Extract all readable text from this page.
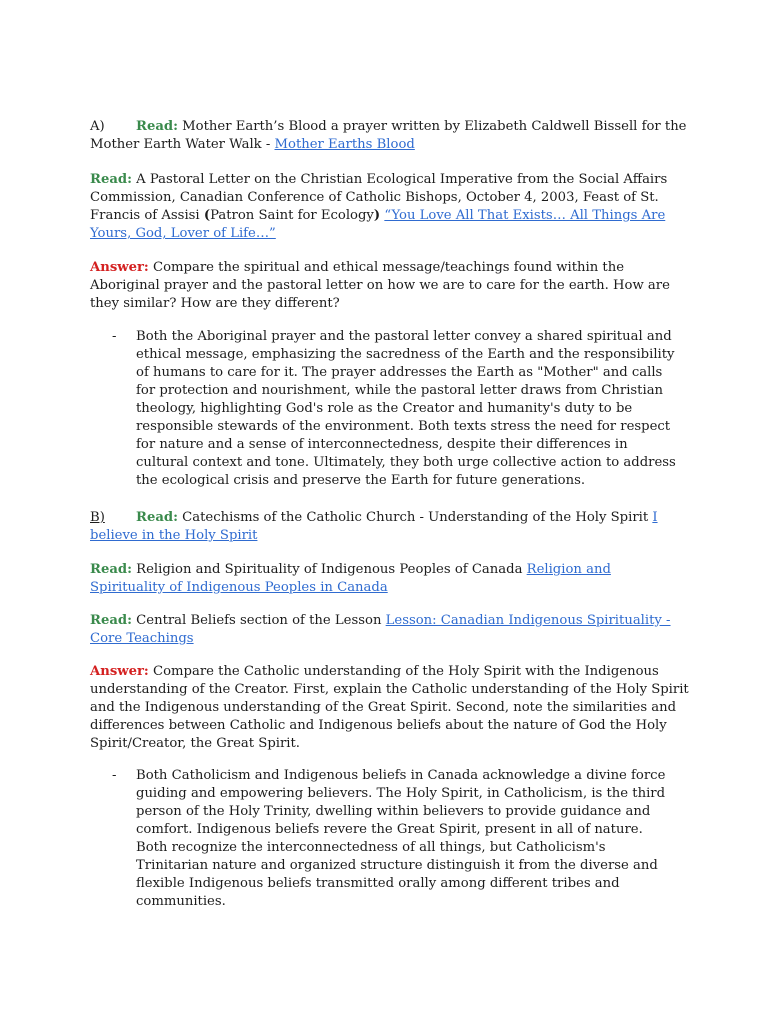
A) Read: Mother Earth’s Blood a prayer written by Elizabeth Caldwell Bissell for the Mother Earth Water Walk - Mother Earths Blood

Read: A Pastoral Letter on the Christian Ecological Imperative from the Social Affairs Commission, Canadian Conference of Catholic Bishops, October 4, 2003, Feast of St. Francis of Assisi (Patron Saint for Ecology) “You Love All That Exists… All Things Are Yours, God, Lover of Life…”

Answer: Compare the spiritual and ethical message/teachings found within the Aboriginal prayer and the pastoral letter on how we are to care for the earth. How are they similar? How are they different?

- Both the Aboriginal prayer and the pastoral letter convey a shared spiritual and ethical message, emphasizing the sacredness of the Earth and the responsibility of humans to care for it. The prayer addresses the Earth as "Mother" and calls for protection and nourishment, while the pastoral letter draws from Christian theology, highlighting God's role as the Creator and humanity's duty to be responsible stewards of the environment. Both texts stress the need for respect for nature and a sense of interconnectedness, despite their differences in cultural context and tone. Ultimately, they both urge collective action to address the ecological crisis and preserve the Earth for future generations.

B) Read: Catechisms of the Catholic Church - Understanding of the Holy Spirit I believe in the Holy Spirit

Read: Religion and Spirituality of Indigenous Peoples of Canada Religion and Spirituality of Indigenous Peoples in Canada

Read: Central Beliefs section of the Lesson Lesson: Canadian Indigenous Spirituality - Core Teachings

Answer: Compare the Catholic understanding of the Holy Spirit with the Indigenous understanding of the Creator. First, explain the Catholic understanding of the Holy Spirit and the Indigenous understanding of the Great Spirit. Second, note the similarities and differences between Catholic and Indigenous beliefs about the nature of God the Holy Spirit/Creator, the Great Spirit.

- Both Catholicism and Indigenous beliefs in Canada acknowledge a divine force guiding and empowering believers. The Holy Spirit, in Catholicism, is the third person of the Holy Trinity, dwelling within believers to provide guidance and comfort. Indigenous beliefs revere the Great Spirit, present in all of nature. Both recognize the interconnectedness of all things, but Catholicism's Trinitarian nature and organized structure distinguish it from the diverse and flexible Indigenous beliefs transmitted orally among different tribes and communities.
